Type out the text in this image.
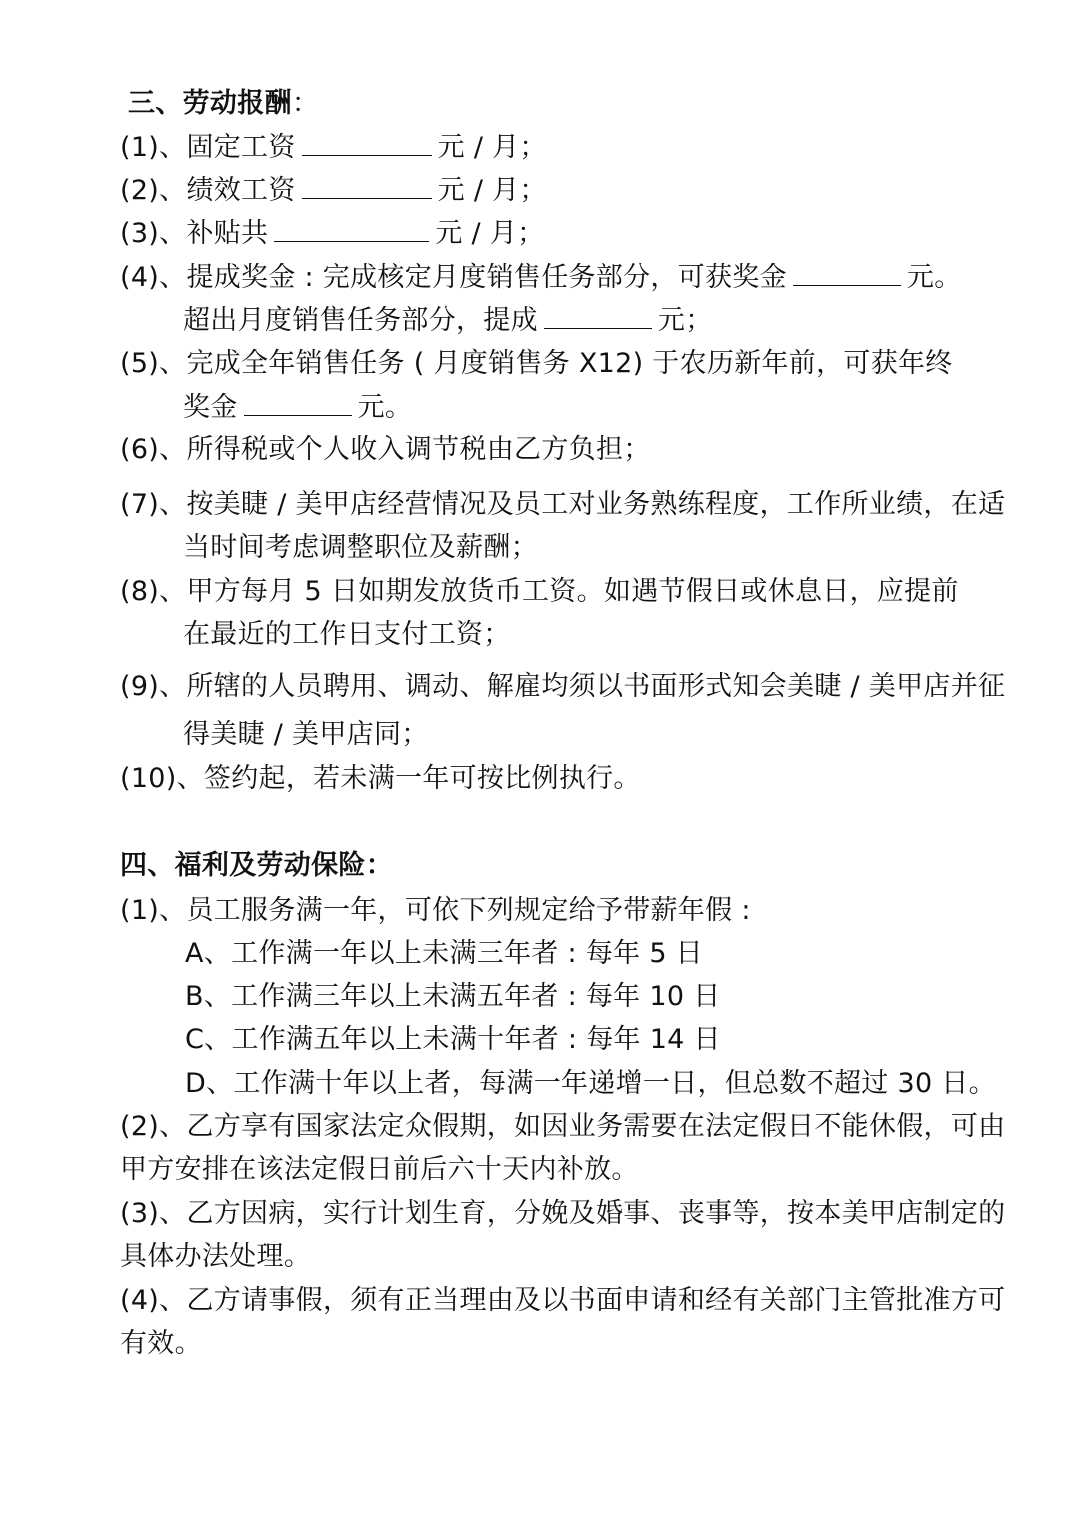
三、劳动报酬：
(1)、固定工资	元 / 月；
(2)、绩效工资	元 / 月；
(3)、补贴共	元 / 月；
(4)、提成奖金 : 完成核定月度销售任务部分，可获奖金	元。
超出月度销售任务部分，提成	元；
(5)、完成全年销售任务 ( 月度销售务 X12) 于农历新年前，可获年终
奖金	元。
(6)、所得税或个人收入调节税由乙方负担；
(7)、按美睫 / 美甲店经营情况及员工对业务熟练程度，工作所业绩，在适
当时间考虑调整职位及薪酬；
(8)、甲方每月 5 日如期发放货币工资。如遇节假日或休息日，应提前
在最近的工作日支付工资；
(9)、所辖的人员聘用、调动、解雇均须以书面形式知会美睫 / 美甲店并征
得美睫 / 美甲店同；
(10)、签约起，若未满一年可按比例执行。
四、福利及劳动保险：
(1)、员工服务满一年，可依下列规定给予带薪年假 :
A、工作满一年以上未满三年者 : 每年 5 日
B、工作满三年以上未满五年者 : 每年 10 日
C、工作满五年以上未满十年者 : 每年 14 日
D、工作满十年以上者，每满一年递增一日，但总数不超过 30 日。
(2)、乙方享有国家法定众假期，如因业务需要在法定假日不能休假，可由
甲方安排在该法定假日前后六十天内补放。
(3)、乙方因病，实行计划生育，分娩及婚事、丧事等，按本美甲店制定的
具体办法处理。
(4)、乙方请事假，须有正当理由及以书面申请和经有关部门主管批准方可
有效。
